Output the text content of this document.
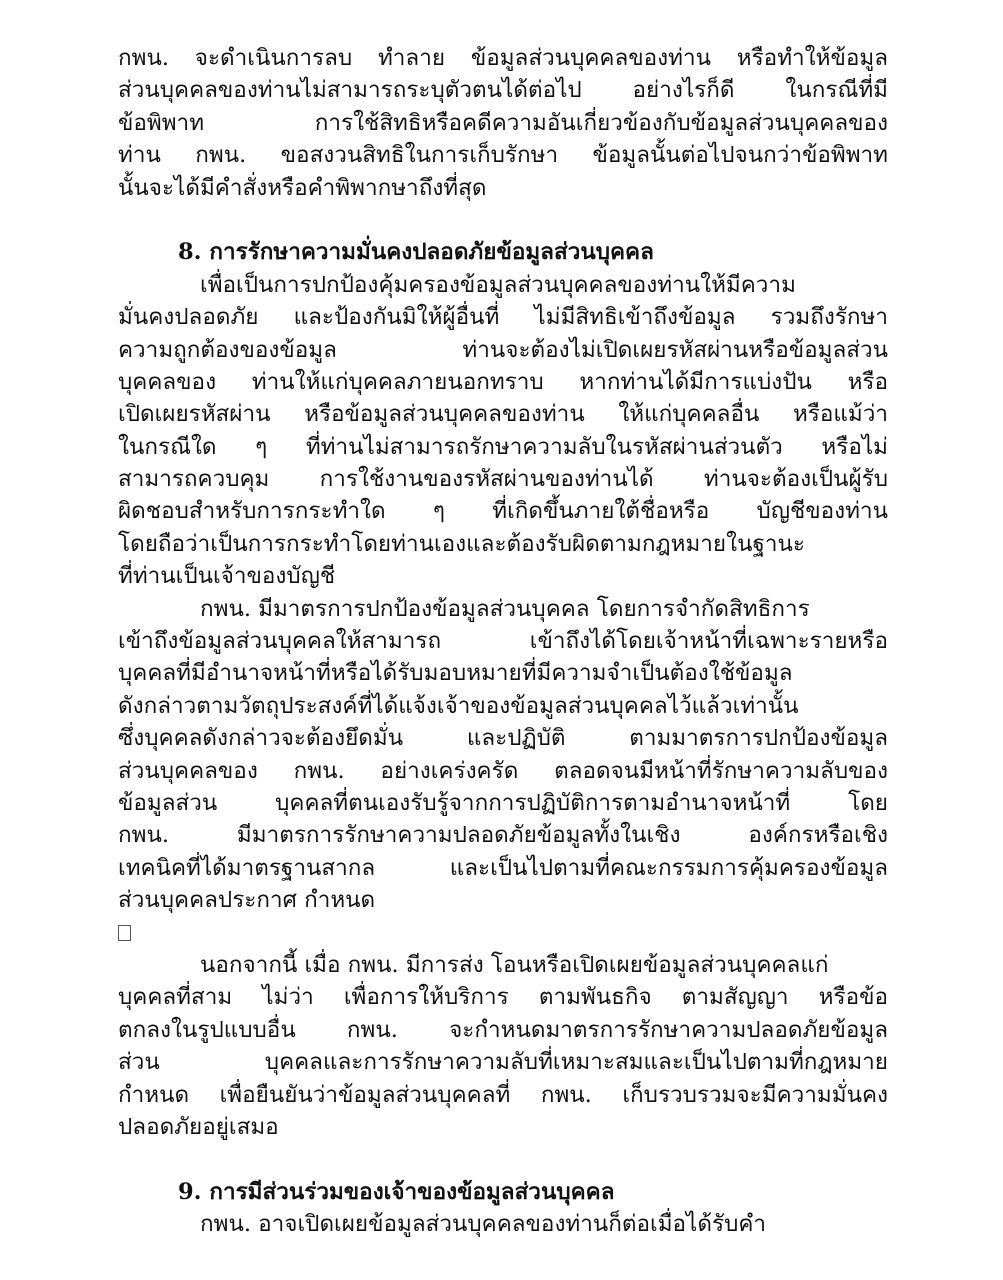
กพน. จะดำเนินการลบ ทำลาย ข้อมูลส่วนบุคคลของท่าน หรือทำให้ข้อมูล
ส่วนบุคคลของท่านไม่สามารถระบุตัวตนได้ต่อไป อย่างไรก็ดี ในกรณีที่มี
ข้อพิพาท การใช้สิทธิหรือคดีความอันเกี่ยวข้องกับข้อมูลส่วนบุคคลของ
ท่าน กพน. ขอสงวนสิทธิในการเก็บรักษา ข้อมูลนั้นต่อไปจนกว่าข้อพิพาท
นั้นจะได้มีคำสั่งหรือคำพิพากษาถึงที่สุด
8. การรักษาความมั่นคงปลอดภัยข้อมูลส่วนบุคคล
เพื่อเป็นการปกป้องคุ้มครองข้อมูลส่วนบุคคลของท่านให้มีความ
มั่นคงปลอดภัย และป้องกันมิให้ผู้อื่นที่ ไม่มีสิทธิเข้าถึงข้อมูล รวมถึงรักษา
ความถูกต้องของข้อมูล ท่านจะต้องไม่เปิดเผยรหัสผ่านหรือข้อมูลส่วน
บุคคลของ ท่านให้แก่บุคคลภายนอกทราบ หากท่านได้มีการแบ่งปัน หรือ
เปิดเผยรหัสผ่าน หรือข้อมูลส่วนบุคคลของท่าน ให้แก่บุคคลอื่น หรือแม้ว่า
ในกรณีใด ๆ ที่ท่านไม่สามารถรักษาความลับในรหัสผ่านส่วนตัว หรือไม่
สามารถควบคุม การใช้งานของรหัสผ่านของท่านได้ ท่านจะต้องเป็นผู้รับ
ผิดชอบสำหรับการกระทำใด ๆ ที่เกิดขึ้นภายใต้ชื่อหรือ บัญชีของท่าน
โดยถือว่าเป็นการกระทำโดยท่านเองและต้องรับผิดตามกฎหมายในฐานะ
ที่ท่านเป็นเจ้าของบัญชี
กพน. มีมาตรการปกป้องข้อมูลส่วนบุคคล โดยการจำกัดสิทธิการ
เข้าถึงข้อมูลส่วนบุคคลให้สามารถ เข้าถึงได้โดยเจ้าหน้าที่เฉพาะรายหรือ
บุคคลที่มีอำนาจหน้าที่หรือได้รับมอบหมายที่มีความจำเป็นต้องใช้ข้อมูล
ดังกล่าวตามวัตถุประสงค์ที่ได้แจ้งเจ้าของข้อมูลส่วนบุคคลไว้แล้วเท่านั้น
ซึ่งบุคคลดังกล่าวจะต้องยึดมั่น และปฏิบัติ ตามมาตรการปกป้องข้อมูล
ส่วนบุคคลของ กพน. อย่างเคร่งครัด ตลอดจนมีหน้าที่รักษาความลับของ
ข้อมูลส่วน บุคคลที่ตนเองรับรู้จากการปฏิบัติการตามอำนาจหน้าที่ โดย
กพน. มีมาตรการรักษาความปลอดภัยข้อมูลทั้งในเชิง องค์กรหรือเชิง
เทคนิคที่ได้มาตรฐานสากล และเป็นไปตามที่คณะกรรมการคุ้มครองข้อมูล
ส่วนบุคคลประกาศ กำหนด
นอกจากนี้ เมื่อ กพน. มีการส่ง โอนหรือเปิดเผยข้อมูลส่วนบุคคลแก่
บุคคลที่สาม ไม่ว่า เพื่อการให้บริการ ตามพันธกิจ ตามสัญญา หรือข้อ
ตกลงในรูปแบบอื่น กพน. จะกำหนดมาตรการรักษาความปลอดภัยข้อมูล
ส่วน บุคคลและการรักษาความลับที่เหมาะสมและเป็นไปตามที่กฎหมาย
กำหนด เพื่อยืนยันว่าข้อมูลส่วนบุคคลที่ กพน. เก็บรวบรวมจะมีความมั่นคง
ปลอดภัยอยู่เสมอ
9. การมีส่วนร่วมของเจ้าของข้อมูลส่วนบุคคล
กพน. อาจเปิดเผยข้อมูลส่วนบุคคลของท่านก็ต่อเมื่อได้รับคำ
